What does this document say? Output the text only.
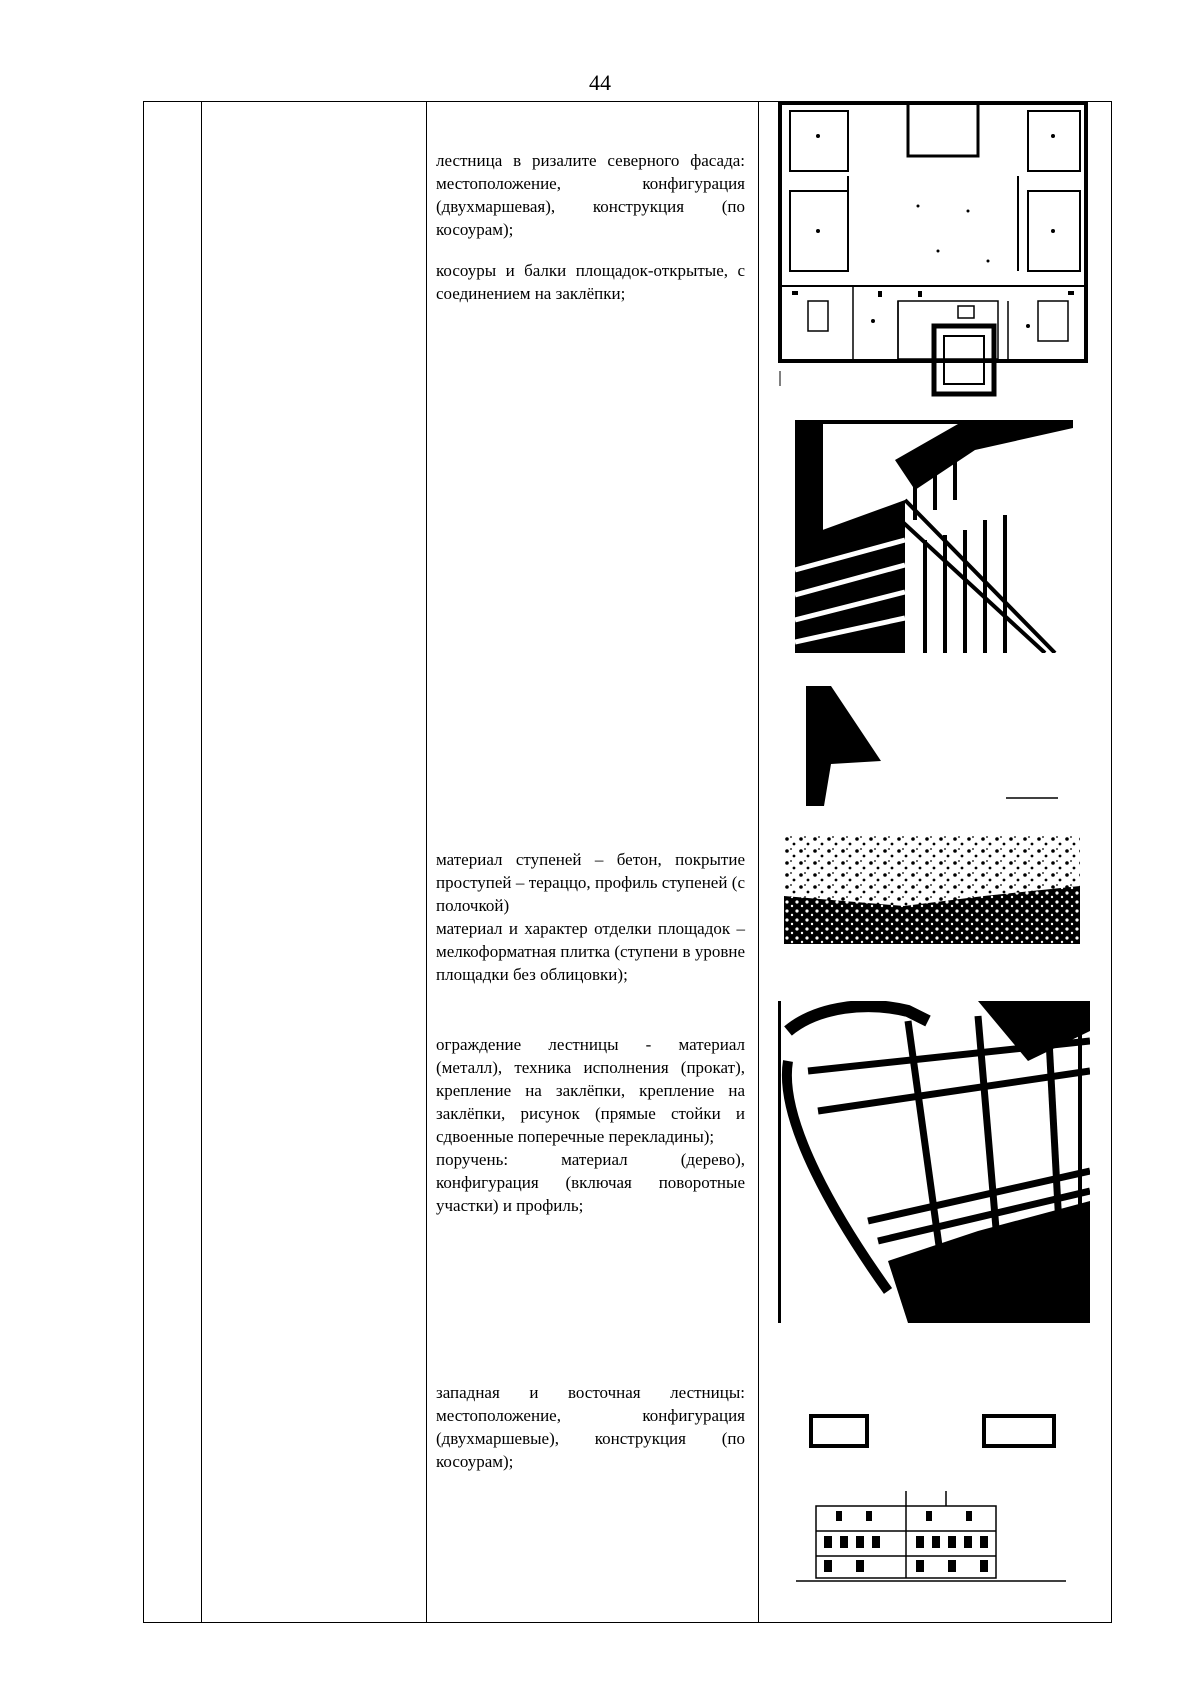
44

лестница в ризалите северного фасада: местоположение, конфигурация (двухмаршевая), конструкция (по косоурам);

косоуры и балки площадок-открытые, с соединением на заклёпки;

материал ступеней – бетон, покрытие проступей – тераццо, профиль ступеней (с полочкой)

материал и характер отделки площадок – мелкоформатная плитка (ступени в уровне площадки без облицовки);

ограждение лестницы - материал (металл), техника исполнения (прокат), крепление на заклёпки, крепление на заклёпки, рисунок (прямые стойки и сдвоенные поперечные перекладины);

поручень: материал (дерево), конфигурация (включая поворотные участки) и профиль;

западная и восточная лестницы: местоположение, конфигурация (двухмаршевые), конструкция (по косоурам);
